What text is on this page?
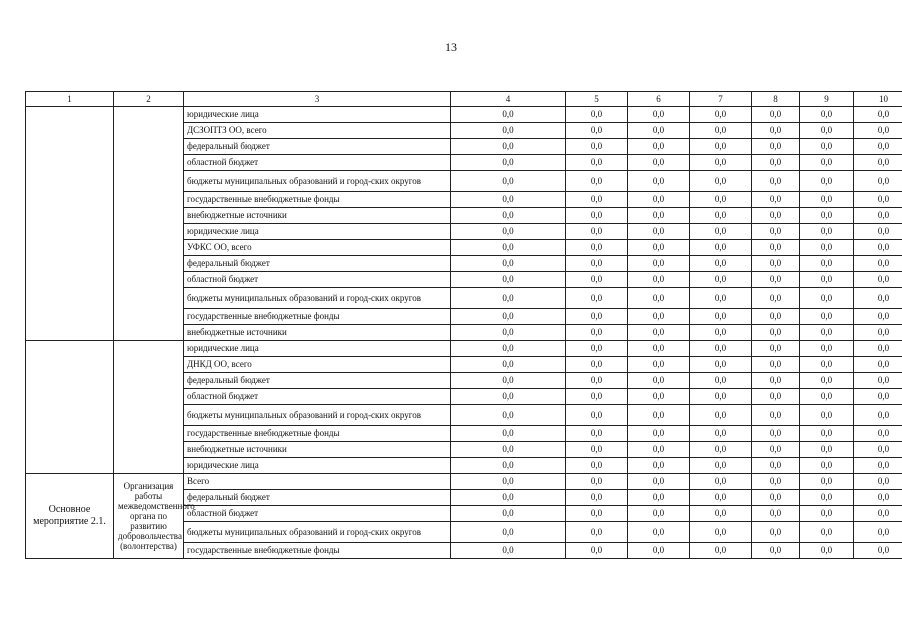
13
1	2	3	4	5	6	7	8	9	10
		юридические лица	0,0	0,0	0,0	0,0	0,0	0,0	0,0
		ДСЗОПТЗ ОО, всего	0,0	0,0	0,0	0,0	0,0	0,0	0,0
		федеральный бюджет	0,0	0,0	0,0	0,0	0,0	0,0	0,0
		областной бюджет	0,0	0,0	0,0	0,0	0,0	0,0	0,0
		бюджеты муниципальных образований и город-ских округов	0,0	0,0	0,0	0,0	0,0	0,0	0,0
		государственные внебюджетные фонды	0,0	0,0	0,0	0,0	0,0	0,0	0,0
		внебюджетные источники	0,0	0,0	0,0	0,0	0,0	0,0	0,0
		юридические лица	0,0	0,0	0,0	0,0	0,0	0,0	0,0
		УФКС ОО, всего	0,0	0,0	0,0	0,0	0,0	0,0	0,0
		федеральный бюджет	0,0	0,0	0,0	0,0	0,0	0,0	0,0
		областной бюджет	0,0	0,0	0,0	0,0	0,0	0,0	0,0
		бюджеты муниципальных образований и город-ских округов	0,0	0,0	0,0	0,0	0,0	0,0	0,0
		государственные внебюджетные фонды	0,0	0,0	0,0	0,0	0,0	0,0	0,0
		внебюджетные источники	0,0	0,0	0,0	0,0	0,0	0,0	0,0
		юридические лица	0,0	0,0	0,0	0,0	0,0	0,0	0,0
		ДНКД ОО, всего	0,0	0,0	0,0	0,0	0,0	0,0	0,0
		федеральный бюджет	0,0	0,0	0,0	0,0	0,0	0,0	0,0
		областной бюджет	0,0	0,0	0,0	0,0	0,0	0,0	0,0
		бюджеты муниципальных образований и город-ских округов	0,0	0,0	0,0	0,0	0,0	0,0	0,0
		государственные внебюджетные фонды	0,0	0,0	0,0	0,0	0,0	0,0	0,0
		внебюджетные источники	0,0	0,0	0,0	0,0	0,0	0,0	0,0
		юридические лица	0,0	0,0	0,0	0,0	0,0	0,0	0,0
Основное мероприятие 2.1.	Организация работы межведомственного органа по развитию добровольчества (волонтерства)	Всего	0,0	0,0	0,0	0,0	0,0	0,0	0,0
		федеральный бюджет	0,0	0,0	0,0	0,0	0,0	0,0	0,0
		областной бюджет	0,0	0,0	0,0	0,0	0,0	0,0	0,0
		бюджеты муниципальных образований и город-ских округов	0,0	0,0	0,0	0,0	0,0	0,0	0,0
		государственные внебюджетные фонды	0,0	0,0	0,0	0,0	0,0	0,0	0,0
